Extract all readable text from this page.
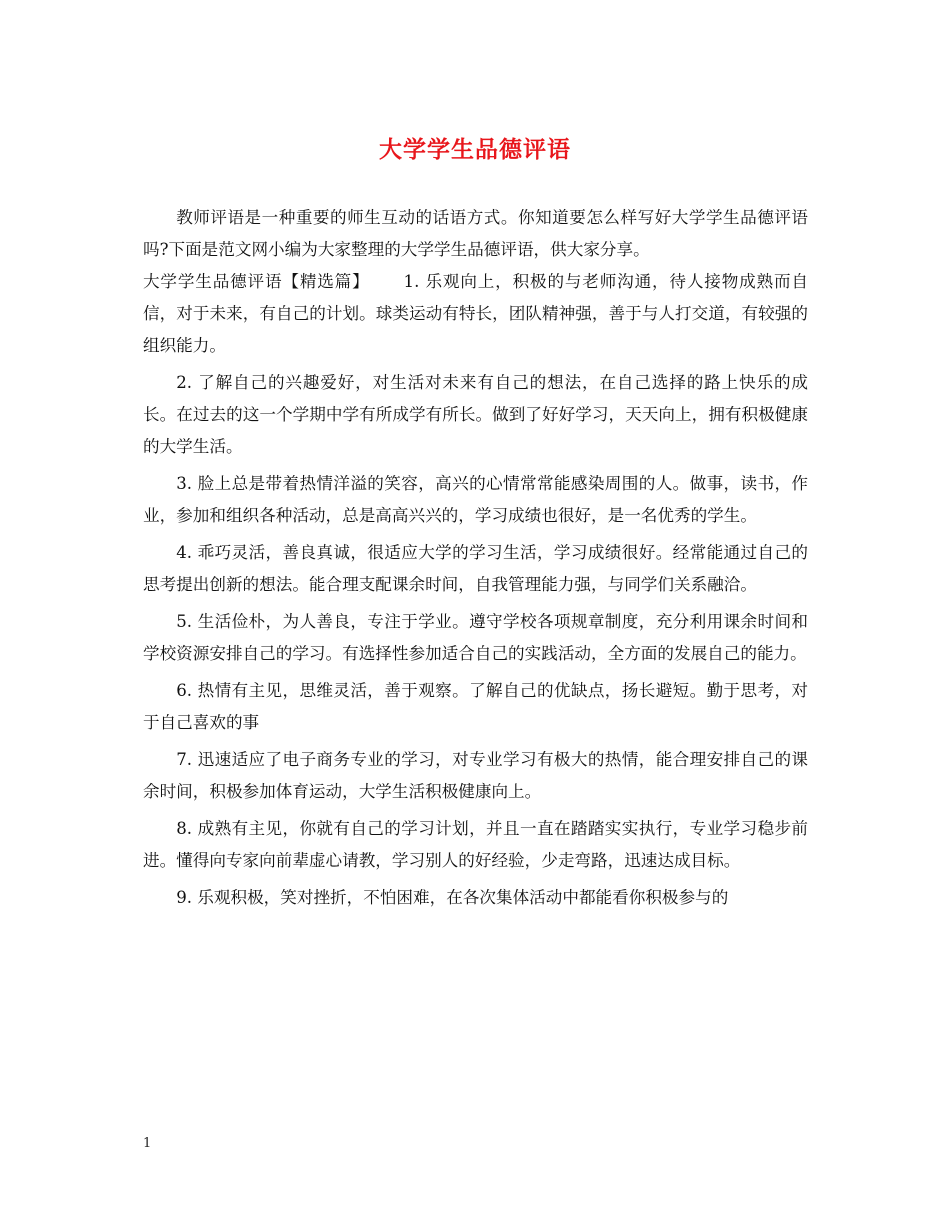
大学学生品德评语

教师评语是一种重要的师生互动的话语方式。你知道要怎么样写好大学学生品德评语吗?下面是范文网小编为大家整理的大学学生品德评语，供大家分享。

大学学生品德评语【精选篇】 1. 乐观向上，积极的与老师沟通，待人接物成熟而自信，对于未来，有自己的计划。球类运动有特长，团队精神强，善于与人打交道，有较强的组织能力。

2. 了解自己的兴趣爱好，对生活对未来有自己的想法，在自己选择的路上快乐的成长。在过去的这一个学期中学有所成学有所长。做到了好好学习，天天向上，拥有积极健康的大学生活。

3. 脸上总是带着热情洋溢的笑容，高兴的心情常常能感染周围的人。做事，读书，作业，参加和组织各种活动，总是高高兴兴的，学习成绩也很好，是一名优秀的学生。

4. 乖巧灵活，善良真诚，很适应大学的学习生活，学习成绩很好。经常能通过自己的思考提出创新的想法。能合理支配课余时间，自我管理能力强，与同学们关系融洽。

5. 生活俭朴，为人善良，专注于学业。遵守学校各项规章制度，充分利用课余时间和学校资源安排自己的学习。有选择性参加适合自己的实践活动，全方面的发展自己的能力。

6. 热情有主见，思维灵活，善于观察。了解自己的优缺点，扬长避短。勤于思考，对于自己喜欢的事

7. 迅速适应了电子商务专业的学习，对专业学习有极大的热情，能合理安排自己的课余时间，积极参加体育运动，大学生活积极健康向上。

8. 成熟有主见，你就有自己的学习计划，并且一直在踏踏实实执行，专业学习稳步前进。懂得向专家向前辈虚心请教，学习别人的好经验，少走弯路，迅速达成目标。

9. 乐观积极，笑对挫折，不怕困难，在各次集体活动中都能看你积极参与的

1
